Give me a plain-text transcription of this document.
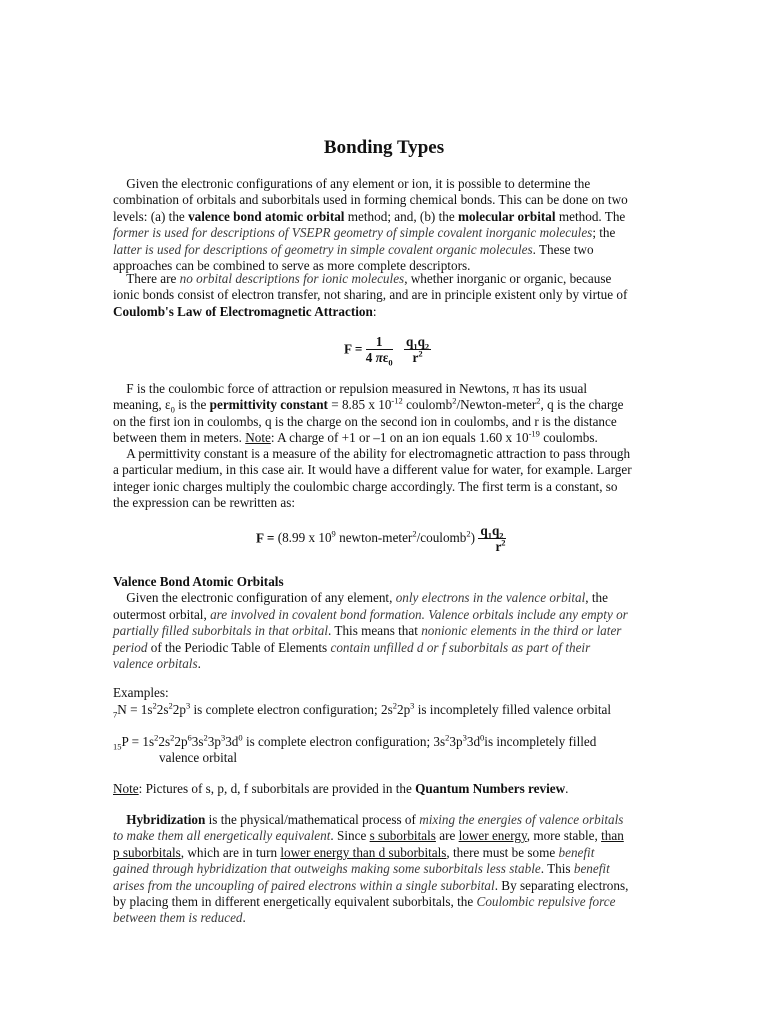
Bonding Types

Given the electronic configurations of any element or ion, it is possible to determine the combination of orbitals and suborbitals used in forming chemical bonds. This can be done on two levels: (a) the valence bond atomic orbital method; and, (b) the molecular orbital method. The former is used for descriptions of VSEPR geometry of simple covalent inorganic molecules; the latter is used for descriptions of geometry in simple covalent organic molecules. These two approaches can be combined to serve as more complete descriptors.

There are no orbital descriptions for ionic molecules, whether inorganic or organic, because ionic bonds consist of electron transfer, not sharing, and are in principle existent only by virtue of Coulomb's Law of Electromagnetic Attraction:

$F = \frac{1}{4 \pi\varepsilon_0}$
$\frac{q_1q_2}{r^2}$

F is the coulombic force of attraction or repulsion measured in Newtons, π has its usual meaning, $\varepsilon_0$ is the permittivity constant = 8.85 x $10^{-12}$ coulomb$^2$/Newton-meter$^2$, q is the charge on the first ion in coulombs, q is the charge on the second ion in coulombs, and r is the distance between them in meters. Note: A charge of +1 or –1 on an ion equals 1.60 x $10^{-19}$ coulombs.

A permittivity constant is a measure of the ability for electromagnetic attraction to pass through a particular medium, in this case air. It would have a different value for water, for example. Larger integer ionic charges multiply the coulombic charge accordingly. The first term is a constant, so the expression can be rewritten as:

F = (8.99 x $10^9$ newton-meter$^2$/coulomb$^2$) $\frac{q_1q_2}{r^2}$

Valence Bond Atomic Orbitals
Given the electronic configuration of any element, only electrons in the valence orbital, the outermost orbital, are involved in covalent bond formation. Valence orbitals include any empty or partially filled suborbitals in that orbital. This means that nonionic elements in the third or later period of the Periodic Table of Elements contain unfilled d or f suborbitals as part of their valence orbitals.

Examples:

$_7N = 1s^22s^22p^3$ is complete electron configuration; $2s^22p^3$ is incompletely filled valence orbital

$_{15}P = 1s^22s^22p^63s^23p^33d^0$ is complete electron configuration; $3s^23p^33d^0is$ incompletely filled
valence orbital

Note: Pictures of s, p, d, f suborbitals are provided in the Quantum Numbers review.

Hybridization is the physical/mathematical process of mixing the energies of valence orbitals to make them all energetically equivalent. Since s suborbitals are lower energy, more stable, than p suborbitals, which are in turn lower energy than d suborbitals, there must be some benefit gained through hybridization that outweighs making some suborbitals less stable. This benefit arises from the uncoupling of paired electrons within a single suborbital. By separating electrons, by placing them in different energetically equivalent suborbitals, the Coulombic repulsive force between them is reduced.
